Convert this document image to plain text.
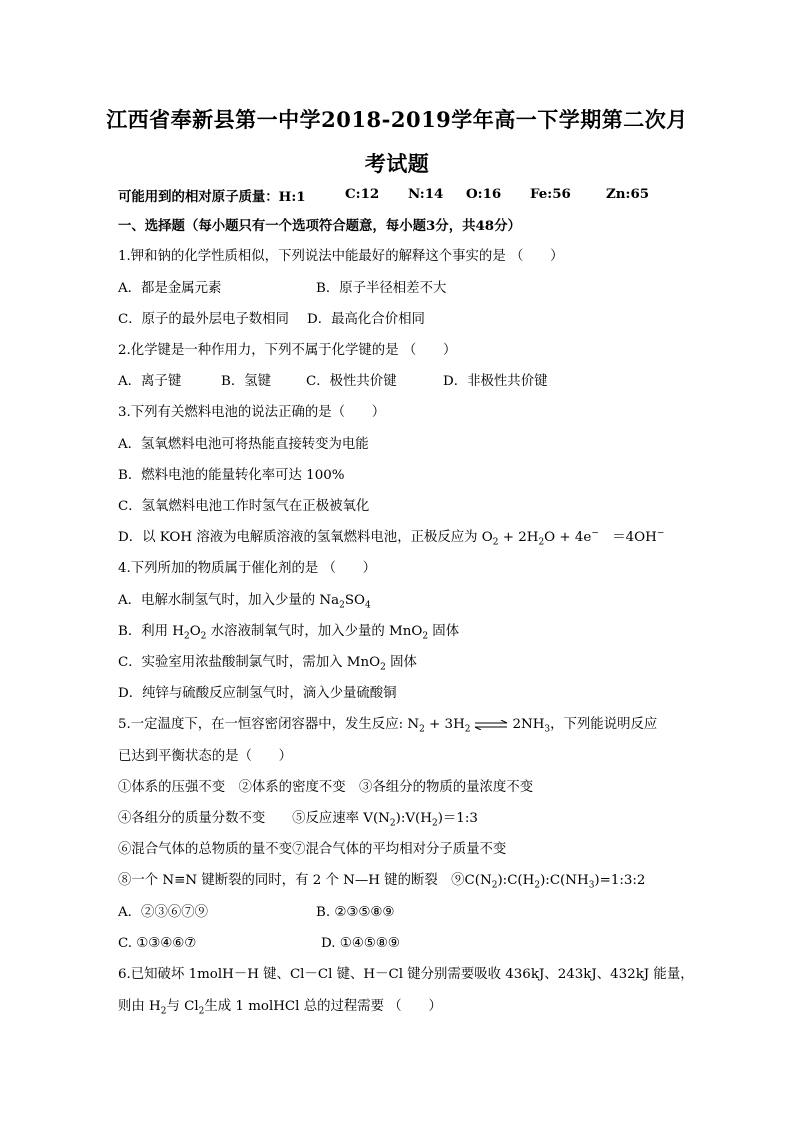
江西省奉新县第一中学2018-2019学年高一下学期第二次月
考试题
可能用到的相对原子质量：H:1	C:12 N:14 O:16 Fe:56	Zn:65
一、选择题（每小题只有一个选项符合题意，每小题3分，共48分）
1.钾和钠的化学性质相似，下列说法中能最好的解释这个事实的是 （　　）
A．都是金属元素	B．原子半径相差不大
C．原子的最外层电子数相同 D．最高化合价相同
2.化学键是一种作用力，下列不属于化学键的是 （　　）
A．离子键	B．氢键	C．极性共价键	D．非极性共价键
3.下列有关燃料电池的说法正确的是（　　）
A．氢氧燃料电池可将热能直接转变为电能
B．燃料电池的能量转化率可达 100%
C．氢氧燃料电池工作时氢气在正极被氧化
D．以 KOH 溶液为电解质溶液的氢氧燃料电池，正极反应为 $O_2 + 2H_2O + 4e^-$　＝4OH−
4.下列所加的物质属于催化剂的是 （　　）
A．电解水制氢气时，加入少量的 $Na_2SO_4$
B．利用 $H_2O_2$ 水溶液制氧气时，加入少量的 MnO$_2$ 固体
C．实验室用浓盐酸制氯气时，需加入 MnO$_2$ 固体
D．纯锌与硫酸反应制氢气时，滴入少量硫酸铜
5.一定温度下，在一恒容密闭容器中，发生反应: $N_2 + 3H_2$ ⇌ $2NH_3$，下列能说明反应
已达到平衡状态的是（　　）
①体系的压强不变　②体系的密度不变　③各组分的物质的量浓度不变
④各组分的质量分数不变　　⑤反应速率 $V(N_2):V(H_2)=1:3$
⑥混合气体的总物质的量不变⑦混合气体的平均相对分子质量不变
⑧一个 N≡N 键断裂的同时，有 2 个 N—H 键的断裂　$⑨C(N_2):C(H_2):C(NH_3)=1:3:2$
A．②③⑥⑦⑨	B. ②③⑤⑧⑨
C. ①③④⑥⑦	D. ①④⑤⑧⑨
6.已知破坏 1molH－H 键、Cl－Cl 键、H－Cl 键分别需要吸收 436kJ、243kJ、432kJ 能量，
则由 $H_2$与 $Cl_2$生成 1 molHCl 总的过程需要 （　　）
